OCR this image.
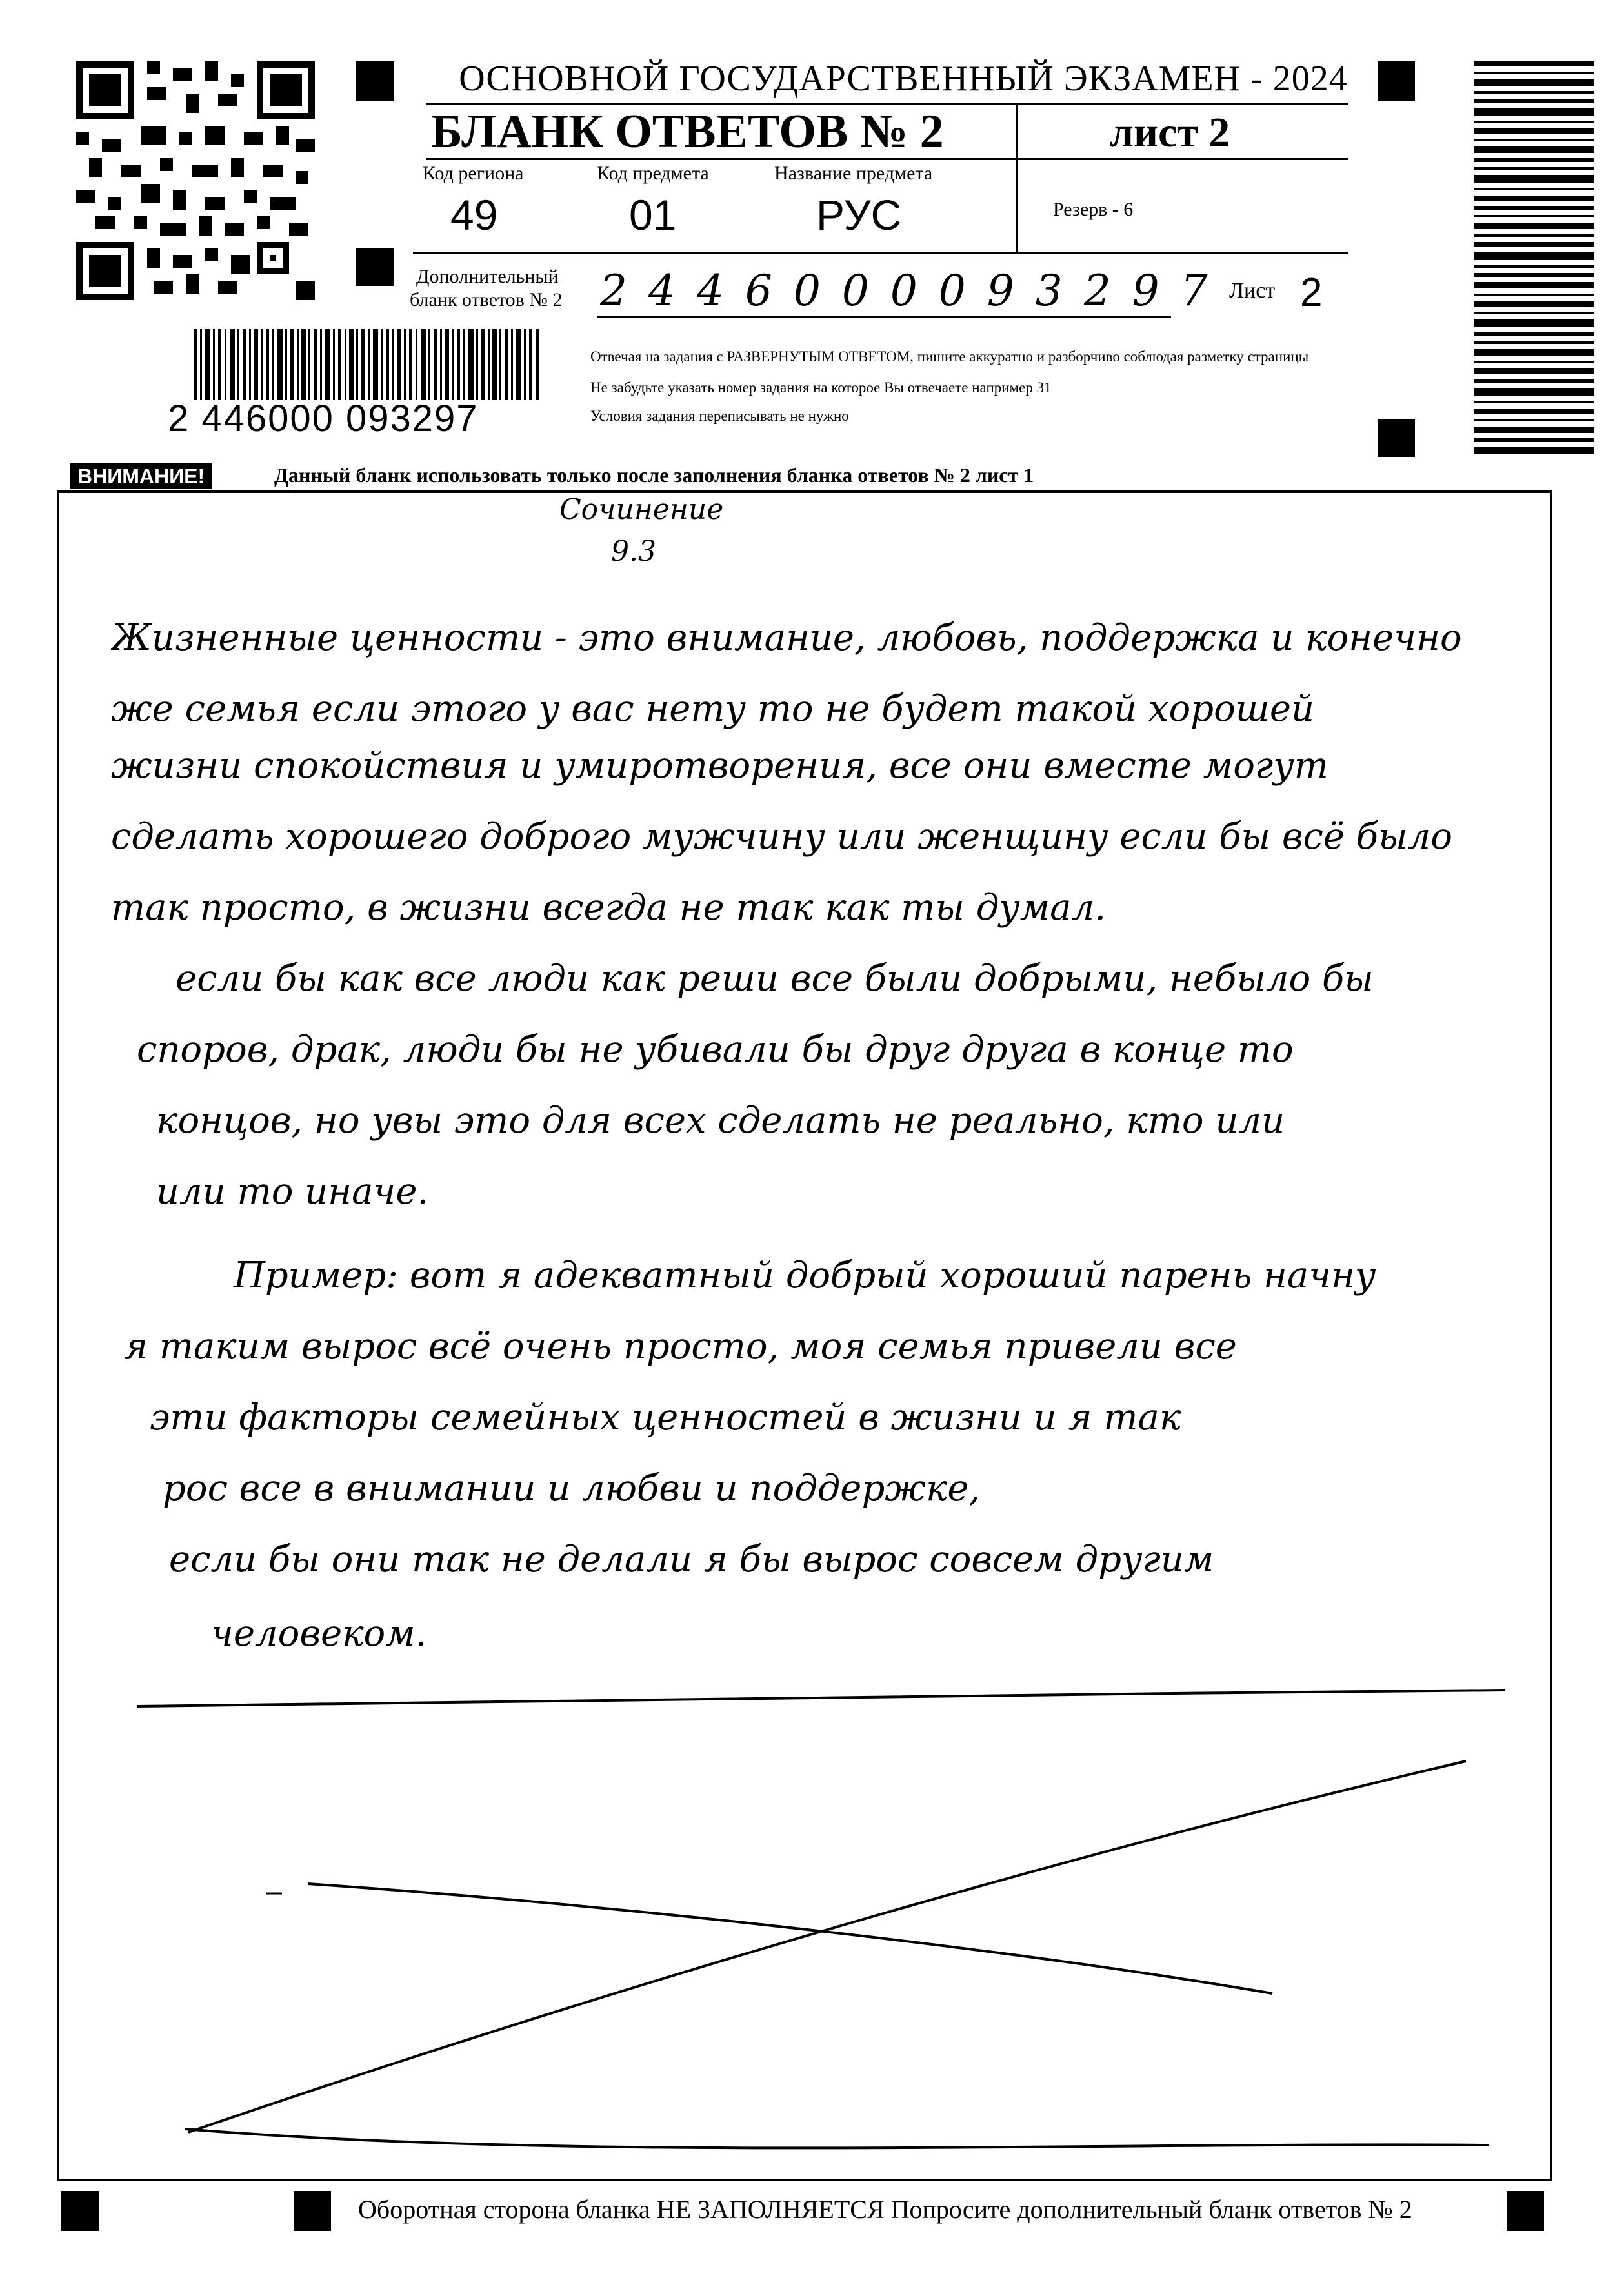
ОСНОВНОЙ ГОСУДАРСТВЕННЫЙ ЭКЗАМЕН - 2024
БЛАНК ОТВЕТОВ № 2	лист 2
Код региона
49
Код предмета
01
Название предмета
РУС	Резерв - 6
Дополнительный
бланк ответов № 2 2 4 4 6 0 0 0 0 9 3 2 9 7 Лист 2
2 446000 093297
Отвечая на задания с РАЗВЕРНУТЫМ ОТВЕТОМ, пишите аккуратно и разборчиво соблюдая разметку страницы
Не забудьте указать номер задания на которое Вы отвечаете например 31
Условия задания переписывать не нужно
ВНИМАНИЕ!	Данный бланк использовать только после заполнения бланка ответов № 2 лист 1
Сочинение
9.3
Жизненные ценности - это внимание, любовь, поддержка и конечно же семья если этого у вас нету то не будет такой хорошей
жизни спокойствия и умиротворения, все они вместе могут
сделать хорошего доброго мужчину или женщину если бы всё было
так просто, в жизни всегда не так как ты думал.
если бы как все люди как реши все были добрыми, небыло бы
споров, драк, люди бы не убивали бы друг друга в конце то
концов, но увы это для всех сделать не реально, кто или
или то иначе.
Пример: вот я адекватный добрый хороший парень начну
я таким вырос всё очень просто, моя семья привели все
эти факторы семейных ценностей в жизни и я так
рос все в внимании и любви и поддержке,
если бы они так не делали я бы вырос совсем другим
человеком.
Оборотная сторона бланка НЕ ЗАПОЛНЯЕТСЯ Попросите дополнительный бланк ответов № 2
